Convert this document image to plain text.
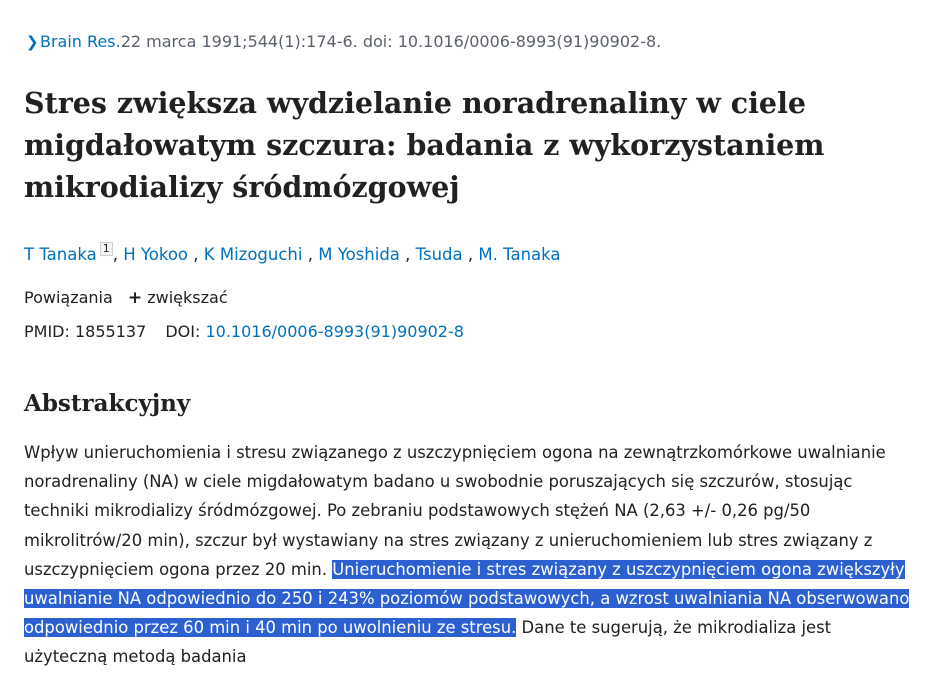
❯Brain Res.22 marca 1991;544(1):174-6. doi: 10.1016/0006-8993(91)90902-8.
Stres zwiększa wydzielanie noradrenaliny w ciele migdałowatym szczura: badania z wykorzystaniem mikrodializy śródmózgowej
T Tanaka $^1$ , H Yokoo , K Mizoguchi , M Yoshida , Tsuda , M. Tanaka
Powiązania + zwiększać
PMID: 1855137 DOI: 10.1016/0006-8993(91)90902-8
Abstrakcyjny

Wpływ unieruchomienia i stresu związanego z uszczypnięciem ogona na zewnątrzkomórkowe uwalnianie noradrenaliny (NA) w ciele migdałowatym badano u swobodnie poruszających się szczurów, stosując techniki mikrodializy śródmózgowej. Po zebraniu podstawowych stężeń NA (2,63 +/- 0,26 pg/50 mikrolitrów/20 min), szczur był wystawiany na stres związany z unieruchomieniem lub stres związany z uszczypnięciem ogona przez 20 min. Unieruchomienie i stres związany z uszczypnięciem ogona zwiększyły uwalnianie NA odpowiednio do 250 i 243% poziomów podstawowych, a wzrost uwalniania NA obserwowano odpowiednio przez 60 min i 40 min po uwolnieniu ze stresu. Dane te sugerują, że mikrodializa jest użyteczną metodą badania
